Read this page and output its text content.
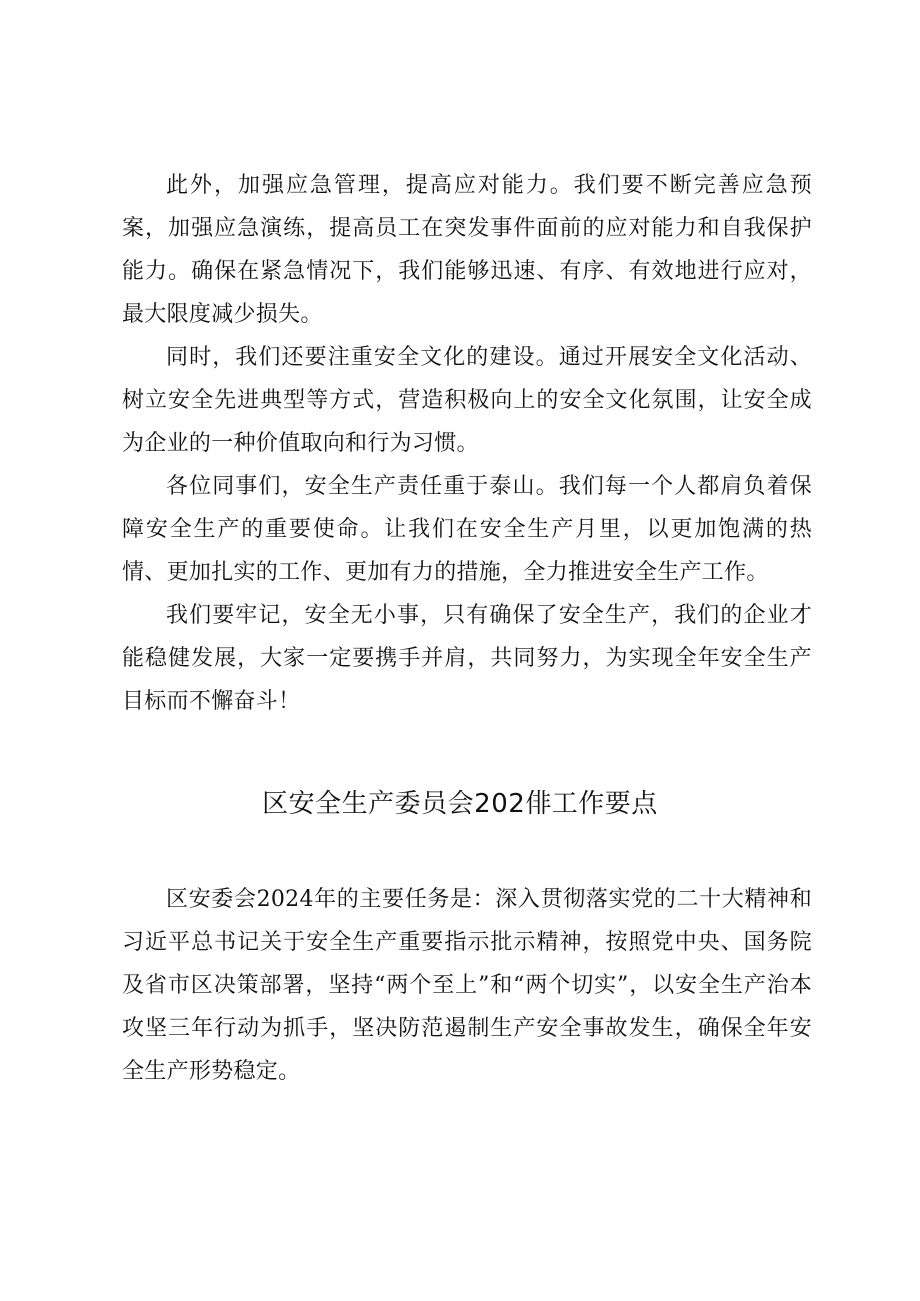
此外，加强应急管理，提高应对能力。我们要不断完善应急预案，加强应急演练，提高员工在突发事件面前的应对能力和自我保护能力。确保在紧急情况下，我们能够迅速、有序、有效地进行应对，最大限度减少损失。

同时，我们还要注重安全文化的建设。通过开展安全文化活动、树立安全先进典型等方式，营造积极向上的安全文化氛围，让安全成为企业的一种价值取向和行为习惯。

各位同事们，安全生产责任重于泰山。我们每一个人都肩负着保障安全生产的重要使命。让我们在安全生产月里，以更加饱满的热情、更加扎实的工作、更加有力的措施，全力推进安全生产工作。

我们要牢记，安全无小事，只有确保了安全生产，我们的企业才能稳健发展，大家一定要携手并肩，共同努力，为实现全年安全生产目标而不懈奋斗！

区安全生产委员会202俳工作要点

区安委会2024年的主要任务是：深入贯彻落实党的二十大精神和习近平总书记关于安全生产重要指示批示精神，按照党中央、国务院及省市区决策部署，坚持“两个至上”和“两个切实”，以安全生产治本攻坚三年行动为抓手，坚决防范遏制生产安全事故发生，确保全年安全生产形势稳定。
